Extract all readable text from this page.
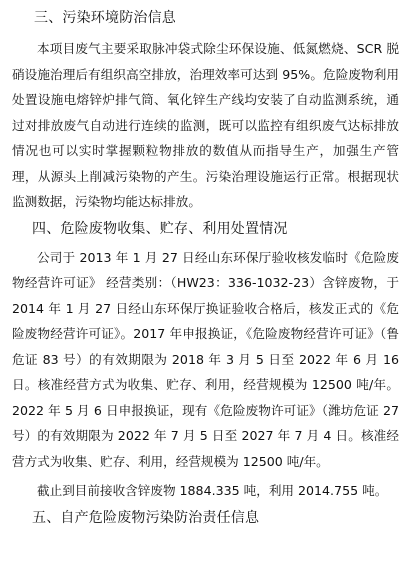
三、污染环境防治信息

本项目废气主要采取脉冲袋式除尘环保设施、低氮燃烧、SCR 脱硝设施治理后有组织高空排放，治理效率可达到 95%。危险废物利用处置设施电熔锌炉排气筒、氧化锌生产线均安装了自动监测系统，通过对排放废气自动进行连续的监测，既可以监控有组织废气达标排放情况也可以实时掌握颗粒物排放的数值从而指导生产，加强生产管理，从源头上削减污染物的产生。污染治理设施运行正常。根据现状监测数据，污染物均能达标排放。

四、危险废物收集、贮存、利用处置情况

公司于 2013 年 1 月 27 日经山东环保厅验收核发临时《危险废物经营许可证》 经营类别：（HW23：336-1032-23）含锌废物，于 2014 年 1 月 27 日经山东环保厅换证验收合格后，核发正式的《危险废物经营许可证》。2017 年申报换证，《危险废物经营许可证》（鲁危证 83 号）的有效期限为 2018 年 3 月 5 日至 2022 年 6 月 16 日。核准经营方式为收集、贮存、利用，经营规模为 12500 吨/年。2022 年 5 月 6 日申报换证，现有《危险废物许可证》（潍坊危证 27 号）的有效期限为 2022 年 7 月 5 日至 2027 年 7 月 4 日。核准经营方式为收集、贮存、利用，经营规模为 12500 吨/年。

截止到目前接收含锌废物 1884.335 吨，利用 2014.755 吨。

五、自产危险废物污染防治责任信息
